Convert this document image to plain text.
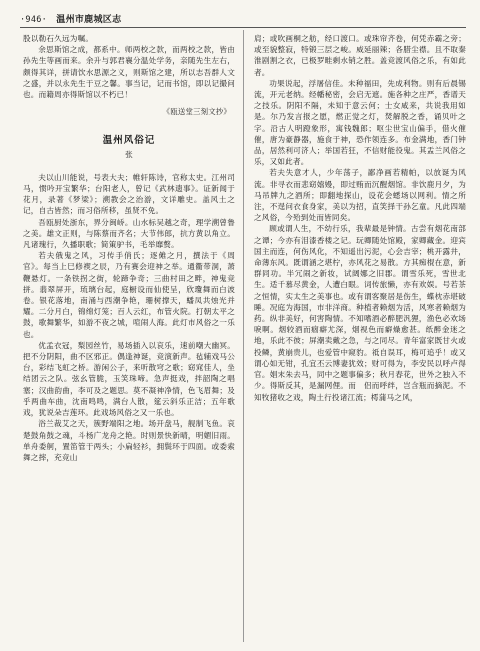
·946· 温州市鹿城区志

股以勒石久远为嘱。

余思斯馆之成，都系中。师两校之款，而两校之款，皆由孙先生等画而来。余升与郭君襄分温处学务，亲随先生左右，颇得其详，拼请饮水思源之义，则斯馆之建，所以志吾群人文之盛，并以永先生于豆之馨。事当记，记而书馆，即以记撮问也。而籍周亦得斯馆以不朽已！

《瓯送堂三刻文抄》
温州风俗记
张

夫以山川能说，号表大夫；帷轩陈诗，官称太史。江州司马，惯吟开宝繁华；台阳老人，曾记《武林遗事》。证新闻于花月，录著《梦梁》；溯教会之治游，文详雕史。盖风土之记，自古皆然；而习俗所移，虽贤不免。

吾瓯厨处浙东，界分闽峤。山水标吴越之奇，理学溯曾鲁之美。雄文正则，与陈蔡而齐名；大节伟郎，抗方黄以角立。凡诸瑰行，久播职歌；简策驴书，毛举靡赘。

若夫俄鬼之风，习传手俏氏；逐傩之月，撰法于《周官》。每当上巳修褉之辰，乃有赛会迎神之举。通衢带洞，萧鞭悬灯。一条铁拐之街，轮蹄争奇；三曲村田之畔，神鬼竞拼。翡翠屏开，琉璃台起，庭橱设而仙使呈，欣瓊舞而白波卷。银花落地，南涌与西潮争艳，珊树撑天，蟠凤共烛光并耀。二分月白，锦绵灯笼；百人云红，布管火院。打朝太平之鼓，歌舞繁华，如游不夜之城，喧闹人海。此灯市风俗之一乐也。

优孟衣冠，梨园丝竹，易场插入以哀乐，速前嘲大幽冥。把不分阴阳，曲不区邪正。偶逢神诞，竞演新声。毡辅戏马公台，彩结飞虹之桥。游闲公子，来听散穹之歌；窈窕佳人，坐结团云之队。弦幺管脆，玉笑珠啼。急声挺戏，拌韶陶之唱塞；汉曲韵曲，李可及之题思。莫不凝神净情，色飞眉舞；及乎两曲车曲，沈南鸣鸣，满台人散，筵云斜乐正洁；五年歌戏，犹说朵吉莲环。此戏场风俗之又一乐也。

浴兰裁艾之天，簇野端阳之地。场开盘马，舰制飞鱼。哀楚鼓角鼓之魂，斗杨广龙舟之艳。时则景快新晴，明媚旧雨。单舟委舸，置笛管于两头；小扁轻衫，拥鬓环于四面。或委索舞之摔，充竞山

肩；或吹画桐之舫，经口渡口。或珠帘齐卷，何凭赤霸之旁；或至貌整寂，特锻三层之峻。威延丽辣；各腊尘襟。且不取秦淮剧割之衣，已极罗畦剩水销之胜。盖竞渡风俗之乐，有如此者。

功果说起，浮屠信佳。未种福田，先成利物。则有后晨锡流，开元老纳。经幡秘密，会启无遮。施各种之庄严，香谱天之技乐。阴阳不隔，未知于意云何；士女咸来，共说我用如是。尔乃发言报之愿，燃正觉之灯，焚解脱之香，诵贝叶之字。沿古人明蹬象形，寓钱魏郎；呕尘世宝山偏手，借火催催，唐为豪静器，施食于神，恐作领连多。布金满地，香门钟品，居然利可济人；举国若狂，不信财能役鬼。其盂兰风俗之乐，又如此者。

若夫失意才人，少年荡子，鄙净画若精帕，以放诞为风流。非寻衣而悲窈嬉嫚，即过贿而沉醒烟馆。非饮鹿月夕，为马吊牌九之酒所；即翻地探山，设花会蟋场以网利。情之所注，不逞问衣食身家，美以为招，直笑择干孙乞童。凡此四端之风俗，今殆到处而皆同矣。

顾或谓人生，不幼行乐，我辈最是钟情。古尝有烟花南部之谭；今亦有泪漆香楼之记。玩卿随处馆殿，家卿藏金。迎宾国主而连，何伤风化，不知遥出污泥，心会吉宰；桃开露井，命薄东风。既谓涵之堪柠，亦风花之易散。方其痴棍在意，新群同功。半冗闹之新妆，试阔娜之旧郡。谓雪乐死，雪世北生。适千慕尽黄金，人遭白眼。词传旅懒，亦有欢娱。号若茶之恒情，实太生之美事也。或有谓客聚居是伤生，蝶枕赤堪破睡。况庭为海国，市非洋商。种植者赖烟为活，风寒者赖烟为药。纵非美好，何害陶情。不知嗜酒必醉肥汎狸，渔色必欢场唳啊。烟较酒而痼癖尤深，烟视色而癖燥愈甚。纸醉金迷之地，乐此不彼；屏潮卖戴之急，与之同尽。青年富家既甘火或投鳞，黄崩贵儿，也爱管中窥豹。祗自误耳，梅可追乎！或又谓心如无钳，孔宜丕云博妻犹效；财可得为，李安民以呼卢得官。娼末朱去马，同中之题事偏多；秋月春花，世外之独入不少。得斯反其，是漏网俚。而　侣而呼绊，岂含瓶而摘泥。不知牧猪收之戏，陶土行投诸江流；樗蒲马之风，
